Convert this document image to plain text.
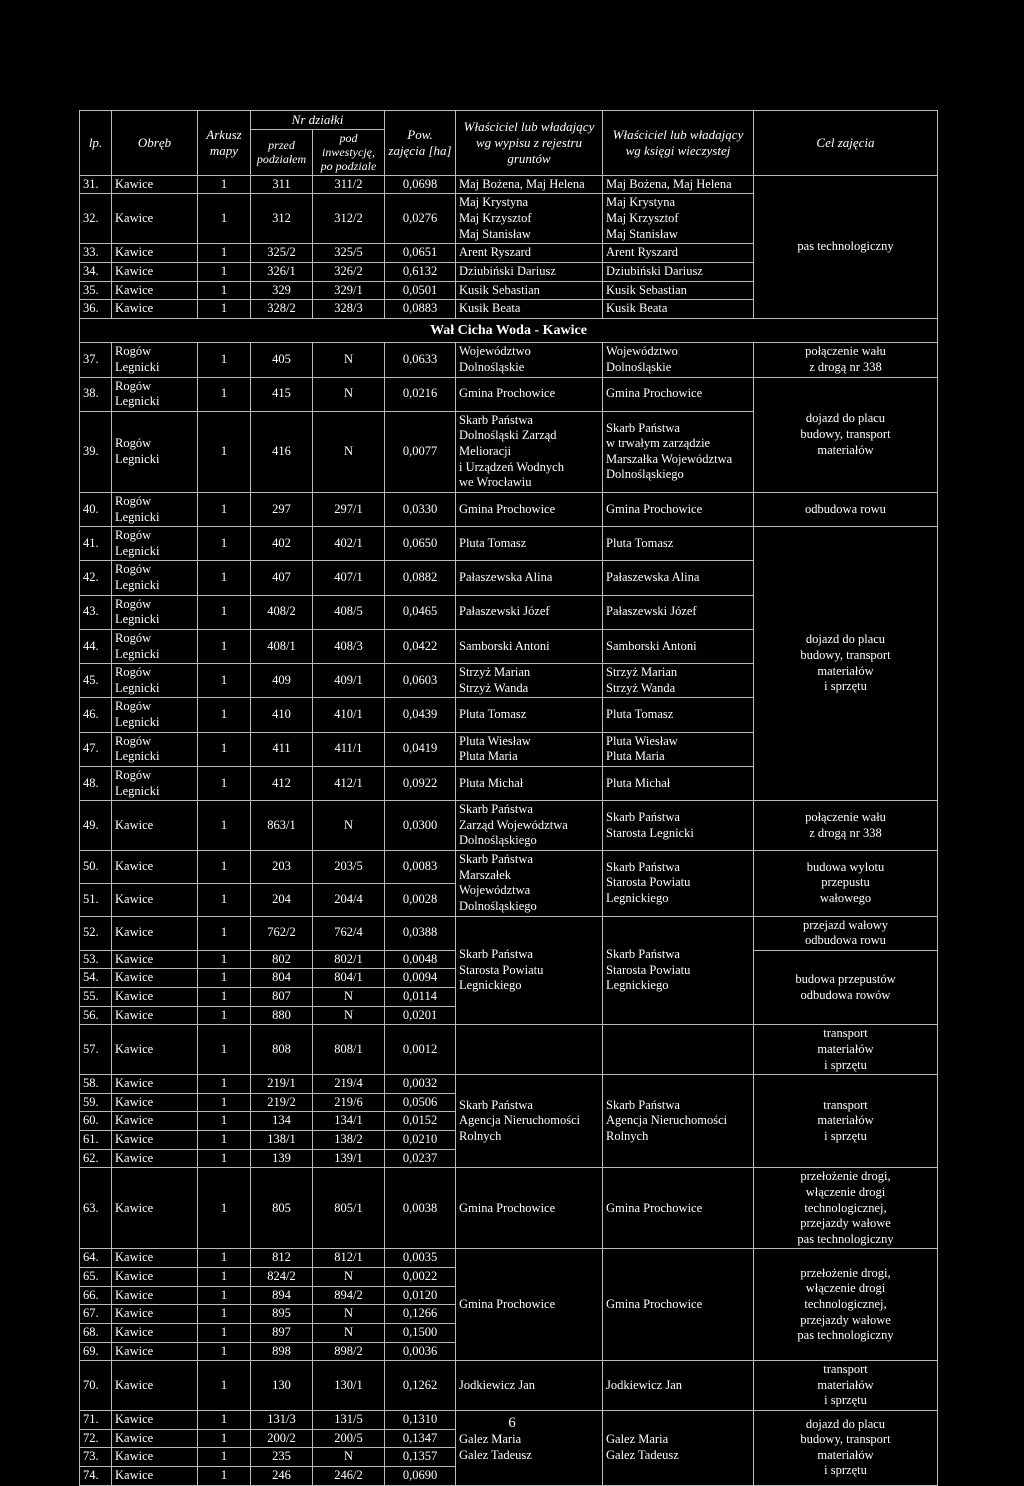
lp.	Obręb	Arkusz mapy	Nr działki		Pow. zajęcia [ha]	Właściciel lub władający wg wypisu z rejestru gruntów	Właściciel lub władający wg księgi wieczystej	Cel zajęcia
			przed podziałem	pod inwestycję, po podziale				
31.	Kawice	1	311	311/2	0,0698	Maj Bożena, Maj Helena	Maj Bożena, Maj Helena	pas technologiczny
32.	Kawice	1	312	312/2	0,0276	Maj Krystyna
Maj Krzysztof
Maj Stanisław	Maj Krystyna
Maj Krzysztof
Maj Stanisław	
33.	Kawice	1	325/2	325/5	0,0651	Arent Ryszard	Arent Ryszard	
34.	Kawice	1	326/1	326/2	0,6132	Dziubiński Dariusz	Dziubiński Dariusz	
35.	Kawice	1	329	329/1	0,0501	Kusik Sebastian	Kusik Sebastian	
36.	Kawice	1	328/2	328/3	0,0883	Kusik Beata	Kusik Beata	
Wał Cicha Woda - Kawice								
37.	Rogów Legnicki	1	405	N	0,0633	Województwo
Dolnośląskie	Województwo
Dolnośląskie	połączenie wału
z drogą nr 338
38.	Rogów Legnicki	1	415	N	0,0216	Gmina Prochowice	Gmina Prochowice	dojazd do placu
budowy, transport
materiałów
39.	Rogów Legnicki	1	416	N	0,0077	Skarb Państwa
Dolnośląski Zarząd
Melioracji
i Urządzeń Wodnych
we Wrocławiu	Skarb Państwa
w trwałym zarządzie
Marszałka Województwa
Dolnośląskiego	
40.	Rogów Legnicki	1	297	297/1	0,0330	Gmina Prochowice	Gmina Prochowice	odbudowa rowu
41.	Rogów Legnicki	1	402	402/1	0,0650	Pluta Tomasz	Pluta Tomasz	dojazd do placu
budowy, transport
materiałów
i sprzętu
42.	Rogów Legnicki	1	407	407/1	0,0882	Pałaszewska Alina	Pałaszewska Alina	
43.	Rogów Legnicki	1	408/2	408/5	0,0465	Pałaszewski Józef	Pałaszewski Józef	
44.	Rogów Legnicki	1	408/1	408/3	0,0422	Samborski Antoni	Samborski Antoni	
45.	Rogów Legnicki	1	409	409/1	0,0603	Strzyż Marian
Strzyż Wanda	Strzyż Marian
Strzyż Wanda	
46.	Rogów Legnicki	1	410	410/1	0,0439	Pluta Tomasz	Pluta Tomasz	
47.	Rogów Legnicki	1	411	411/1	0,0419	Pluta Wiesław
Pluta Maria	Pluta Wiesław
Pluta Maria	
48.	Rogów Legnicki	1	412	412/1	0,0922	Pluta Michał	Pluta Michał	
49.	Kawice	1	863/1	N	0,0300	Skarb Państwa
Zarząd Województwa
Dolnośląskiego	Skarb Państwa
Starosta Legnicki	połączenie wału
z drogą nr 338
50.	Kawice	1	203	203/5	0,0083	Skarb Państwa
Marszałek
Województwa
Dolnośląskiego	Skarb Państwa
Starosta Powiatu
Legnickiego	budowa wylotu
przepustu
wałowego
51.	Kawice	1	204	204/4	0,0028			
52.	Kawice	1	762/2	762/4	0,0388	Skarb Państwa
Starosta Powiatu
Legnickiego	Skarb Państwa
Starosta Powiatu
Legnickiego	przejazd wałowy
odbudowa rowu
53.	Kawice	1	802	802/1	0,0048			budowa przepustów
odbudowa rowów
54.	Kawice	1	804	804/1	0,0094			
55.	Kawice	1	807	N	0,0114			
56.	Kawice	1	880	N	0,0201			
57.	Kawice	1	808	808/1	0,0012			transport
materiałów
i sprzętu
58.	Kawice	1	219/1	219/4	0,0032	Skarb Państwa
Agencja Nieruchomości
Rolnych	Skarb Państwa
Agencja Nieruchomości
Rolnych	transport
materiałów
i sprzętu
59.	Kawice	1	219/2	219/6	0,0506			
60.	Kawice	1	134	134/1	0,0152			
61.	Kawice	1	138/1	138/2	0,0210			
62.	Kawice	1	139	139/1	0,0237			
63.	Kawice	1	805	805/1	0,0038	Gmina Prochowice	Gmina Prochowice	przełożenie drogi,
włączenie drogi
technologicznej,
przejazdy wałowe
pas technologiczny
64.	Kawice	1	812	812/1	0,0035	Gmina Prochowice	Gmina Prochowice	przełożenie drogi,
włączenie drogi
technologicznej,
przejazdy wałowe
pas technologiczny
65.	Kawice	1	824/2	N	0,0022			
66.	Kawice	1	894	894/2	0,0120			
67.	Kawice	1	895	N	0,1266			
68.	Kawice	1	897	N	0,1500			
69.	Kawice	1	898	898/2	0,0036			
70.	Kawice	1	130	130/1	0,1262	Jodkiewicz Jan	Jodkiewicz Jan	transport
materiałów
i sprzętu
71.	Kawice	1	131/3	131/5	0,1310	Galez Maria
Galez Tadeusz	Galez Maria
Galez Tadeusz	dojazd do placu
budowy, transport
materiałów
i sprzętu
72.	Kawice	1	200/2	200/5	0,1347			
73.	Kawice	1	235	N	0,1357			
74.	Kawice	1	246	246/2	0,0690			
6
